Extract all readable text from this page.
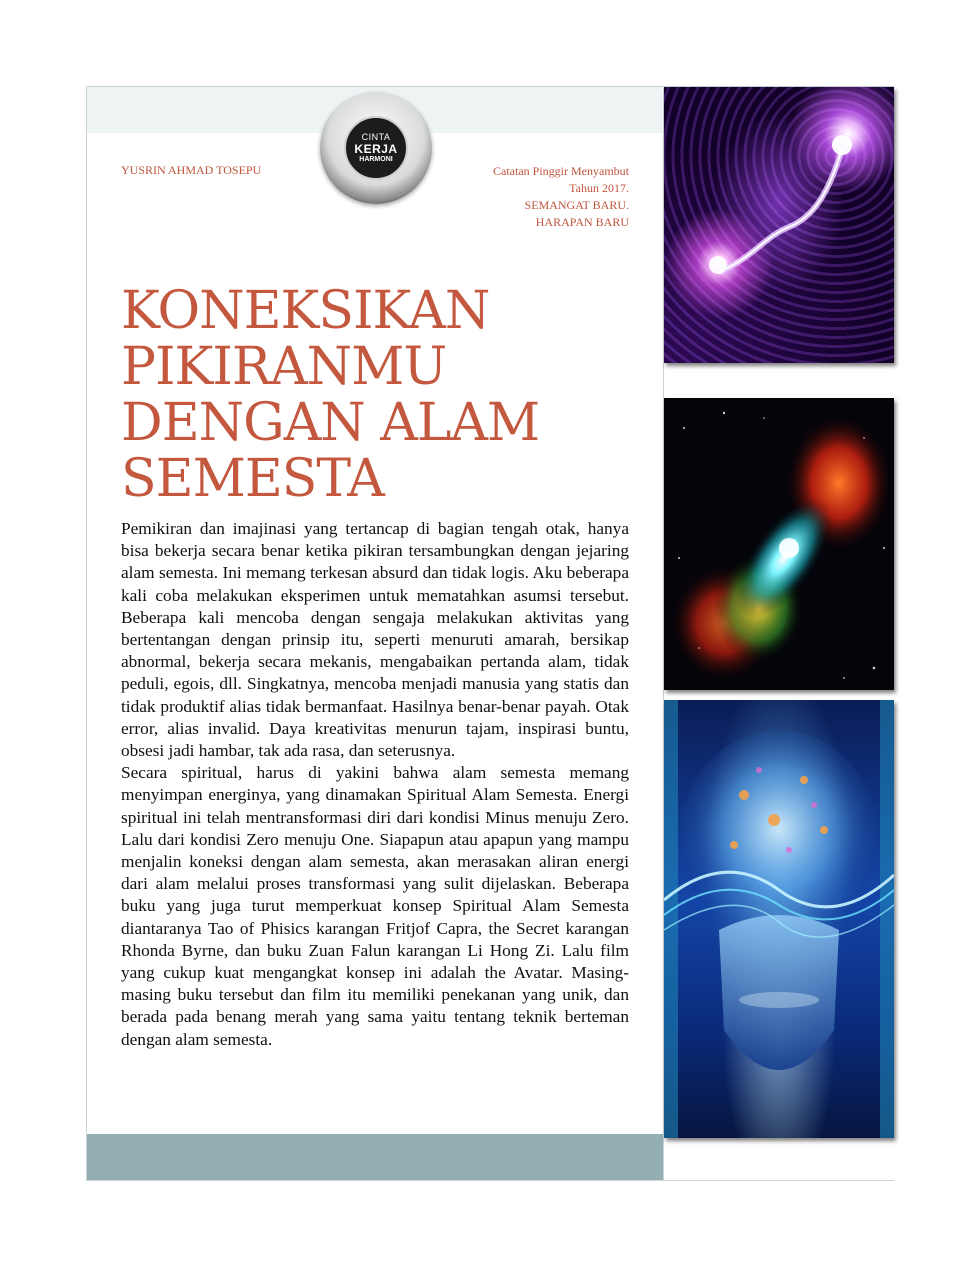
CINTA
KERJA
HARMONI
YUSRIN AHMAD TOSEPU	Catatan Pinggir Menyambut
Tahun 2017.
SEMANGAT BARU.
HARAPAN BARU
KONEKSIKAN
PIKIRANMU
DENGAN ALAM
SEMESTA

Pemikiran dan imajinasi yang tertancap di bagian tengah otak, hanya bisa bekerja secara benar ketika pikiran tersambungkan dengan jejaring alam semesta. Ini memang terkesan absurd dan tidak logis. Aku beberapa kali coba melakukan eksperimen untuk mematahkan asumsi tersebut. Beberapa kali mencoba dengan sengaja melakukan aktivitas yang bertentangan dengan prinsip itu, seperti menuruti amarah, bersikap abnormal, bekerja secara mekanis, mengabaikan pertanda alam, tidak peduli, egois, dll. Singkatnya, mencoba menjadi manusia yang statis dan tidak produktif alias tidak bermanfaat. Hasilnya benar-benar payah. Otak error, alias invalid. Daya kreativitas menurun tajam, inspirasi buntu, obsesi jadi hambar, tak ada rasa, dan seterusnya.

Secara spiritual, harus di yakini bahwa alam semesta memang menyimpan energinya, yang dinamakan Spiritual Alam Semesta. Energi spiritual ini telah mentransformasi diri dari kondisi Minus menuju Zero. Lalu dari kondisi Zero menuju One. Siapapun atau apapun yang mampu menjalin koneksi dengan alam semesta, akan merasakan aliran energi dari alam melalui proses transformasi yang sulit dijelaskan. Beberapa buku yang juga turut memperkuat konsep Spiritual Alam Semesta diantaranya Tao of Phisics karangan Fritjof Capra, the Secret karangan Rhonda Byrne, dan buku Zuan Falun karangan Li Hong Zi. Lalu film yang cukup kuat mengangkat konsep ini adalah the Avatar. Masing-masing buku tersebut dan film itu memiliki penekanan yang unik, dan berada pada benang merah yang sama yaitu tentang teknik berteman dengan alam semesta.
